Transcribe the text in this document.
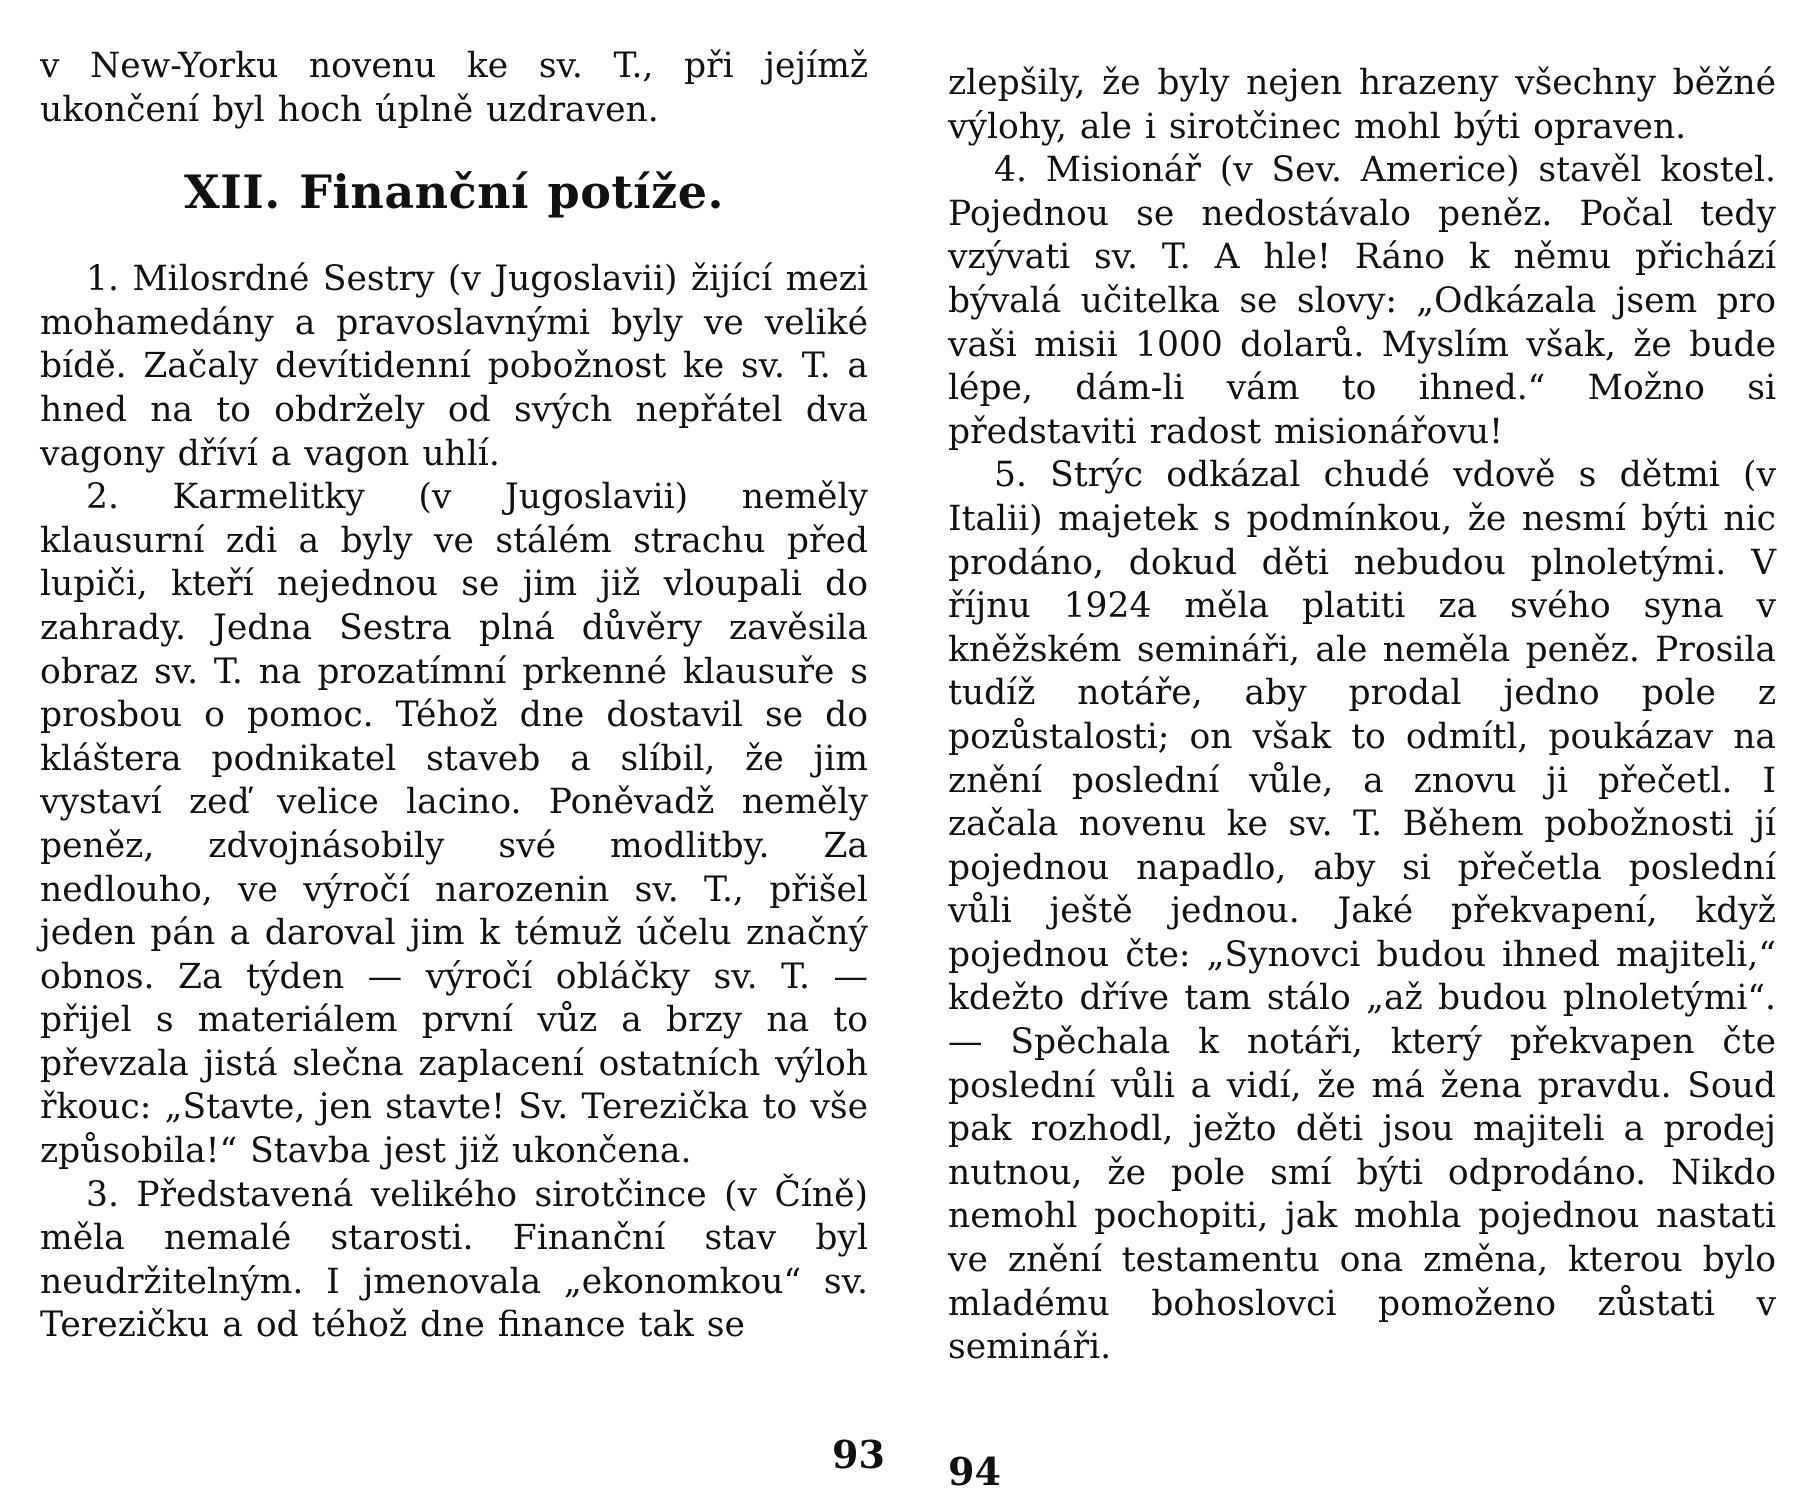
v New-Yorku novenu ke sv. T., při jejímž ukončení byl hoch úplně uzdraven.

XII. Finanční potíže.

1. Milosrdné Sestry (v Jugoslavii) žijící mezi mohamedány a pravoslavnými byly ve veliké bídě. Začaly devítidenní pobožnost ke sv. T. a hned na to obdržely od svých nepřátel dva vagony dříví a vagon uhlí.

2. Karmelitky (v Jugoslavii) neměly klausurní zdi a byly ve stálém strachu před lupiči, kteří nejednou se jim již vloupali do zahrady. Jedna Sestra plná důvěry zavěsila obraz sv. T. na prozatímní prkenné klausuře s prosbou o pomoc. Téhož dne dostavil se do kláštera podnikatel staveb a slíbil, že jim vystaví zeď velice lacino. Poněvadž neměly peněz, zdvojnásobily své modlitby. Za nedlouho, ve výročí narozenin sv. T., přišel jeden pán a daroval jim k témuž účelu značný obnos. Za týden — výročí obláčky sv. T. — přijel s materiálem první vůz a brzy na to převzala jistá slečna zaplacení ostatních výloh řkouc: „Stavte, jen stavte! Sv. Terezička to vše způsobila!“ Stavba jest již ukončena.

3. Představená velikého sirotčince (v Číně) měla nemalé starosti. Finanční stav byl neudržitelným. I jmenovala „ekonomkou“ sv. Terezičku a od téhož dne finance tak se

93

zlepšily, že byly nejen hrazeny všechny běžné výlohy, ale i sirotčinec mohl býti opraven.

4. Misionář (v Sev. Americe) stavěl kostel. Pojednou se nedostávalo peněz. Počal tedy vzývati sv. T. A hle! Ráno k němu přichází bývalá učitelka se slovy: „Odkázala jsem pro vaši misii 1000 dolarů. Myslím však, že bude lépe, dám-li vám to ihned.“ Možno si představiti radost misionářovu!

5. Strýc odkázal chudé vdově s dětmi (v Italii) majetek s podmínkou, že nesmí býti nic prodáno, dokud děti nebudou plnoletými. V říjnu 1924 měla platiti za svého syna v kněžském semináři, ale neměla peněz. Prosila tudíž notáře, aby prodal jedno pole z pozůstalosti; on však to odmítl, poukázav na znění poslední vůle, a znovu ji přečetl. I začala novenu ke sv. T. Během pobožnosti jí pojednou napadlo, aby si přečetla poslední vůli ještě jednou. Jaké překvapení, když pojednou čte: „Synovci budou ihned majiteli,“ kdežto dříve tam stálo „až budou plnoletými“. — Spěchala k notáři, který překvapen čte poslední vůli a vidí, že má žena pravdu. Soud pak rozhodl, ježto děti jsou majiteli a prodej nutnou, že pole smí býti odprodáno. Nikdo nemohl pochopiti, jak mohla pojednou nastati ve znění testamentu ona změna, kterou bylo mladému bohoslovci pomoženo zůstati v semináři.

94
